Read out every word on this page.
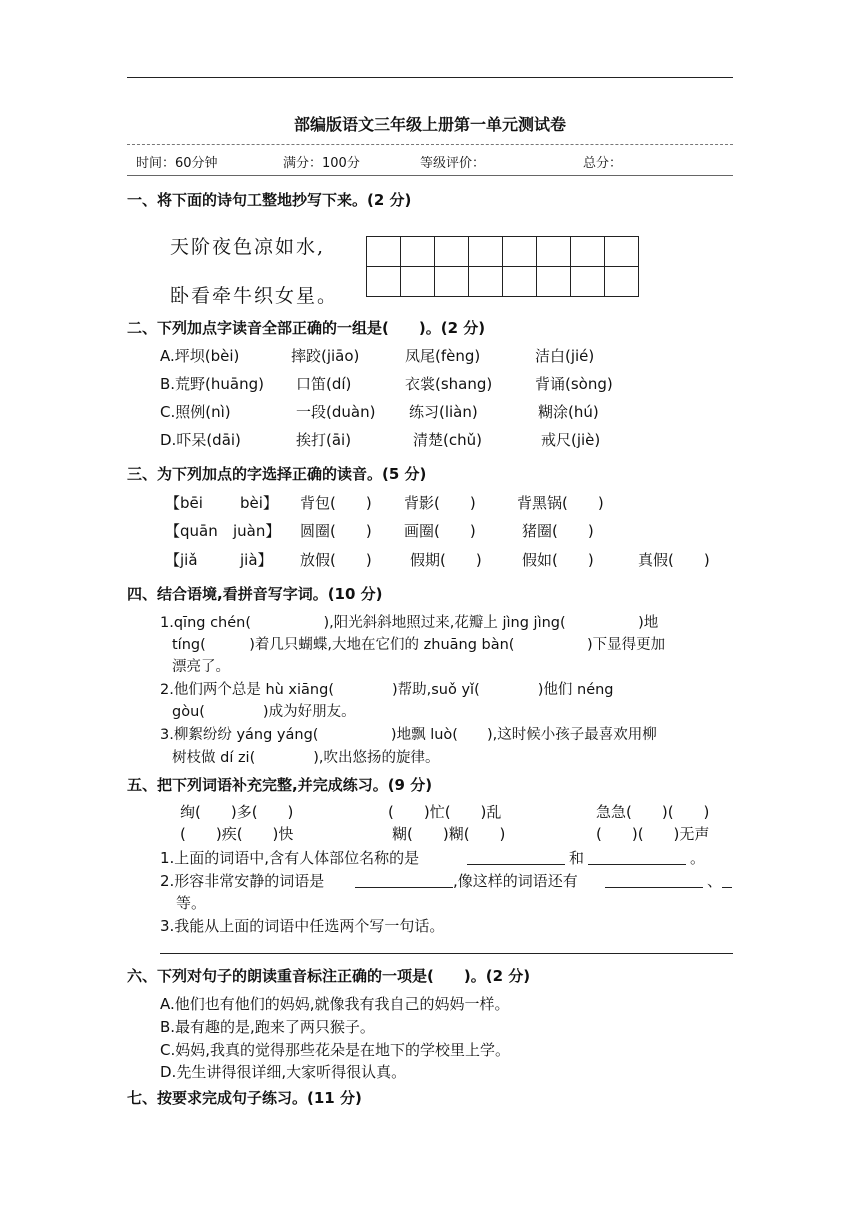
部编版语文三年级上册第一单元测试卷
时间：60分钟	满分：100分	等级评价：	总分：
一、将下面的诗句工整地抄写下来。(2 分)
天阶夜色凉如水,
卧看牵牛织女星。

二、下列加点字读音全部正确的一组是(　　)。(2 分)
A.坪坝(bèi)	摔跤(jiāo)	凤尾(fèng)	洁白(jié)
B.荒野(huāng) 口笛(dí)	衣裳(shang)	背诵(sòng)
C.照例(nì)	一段(duàn) 练习(liàn)	糊涂(hú)
D.吓呆(dāi)	挨打(āi)	清楚(chǔ)	戒尺(jiè)
三、为下列加点的字选择正确的读音。(5 分)
【bēi bèi】 背包(　　) 背影(　　)	背黑锅(　　)
【quān juàn】 圆圈(　　) 画圈(　　)	猪圈(　　)
【jiǎ	jià】 放假(　　)	假期(　　)	假如(　　)	真假(　　)
四、结合语境,看拼音写字词。(10 分)
1.qīng chén(　　　　　),阳光斜斜地照过来,花瓣上 jìng jìng(　　　　　)地
tíng(　　　)着几只蝴蝶,大地在它们的 zhuāng bàn(　　　　　)下显得更加
漂亮了。
2.他们两个总是 hù xiāng(　　　　)帮助,suǒ yǐ(　　　　)他们 néng
gòu(　　　　)成为好朋友。
3.柳絮纷纷 yáng yáng(　　　　　)地飘 luò(　　),这时候小孩子最喜欢用柳
树枝做 dí zi(　　　　),吹出悠扬的旋律。
五、把下列词语补充完整,并完成练习。(9 分)
绚(　　)多(　　)	(　　)忙(　　)乱	急急(　　)(　　)
(　　)疾(　　)快	糊(　　)糊(　　)	(　　)(　　)无声
1.上面的词语中,含有人体部位名称的是	和	。
2.形容非常安静的词语是	,像这样的词语还有	、
等。
3.我能从上面的词语中任选两个写一句话。
六、下列对句子的朗读重音标注正确的一项是(　　)。(2 分)
A.他们也有他们的妈妈,就像我有我自己的妈妈一样。
B.最有趣的是,跑来了两只猴子。
C.妈妈,我真的觉得那些花朵是在地下的学校里上学。
D.先生讲得很详细,大家听得很认真。
七、按要求完成句子练习。(11 分)
